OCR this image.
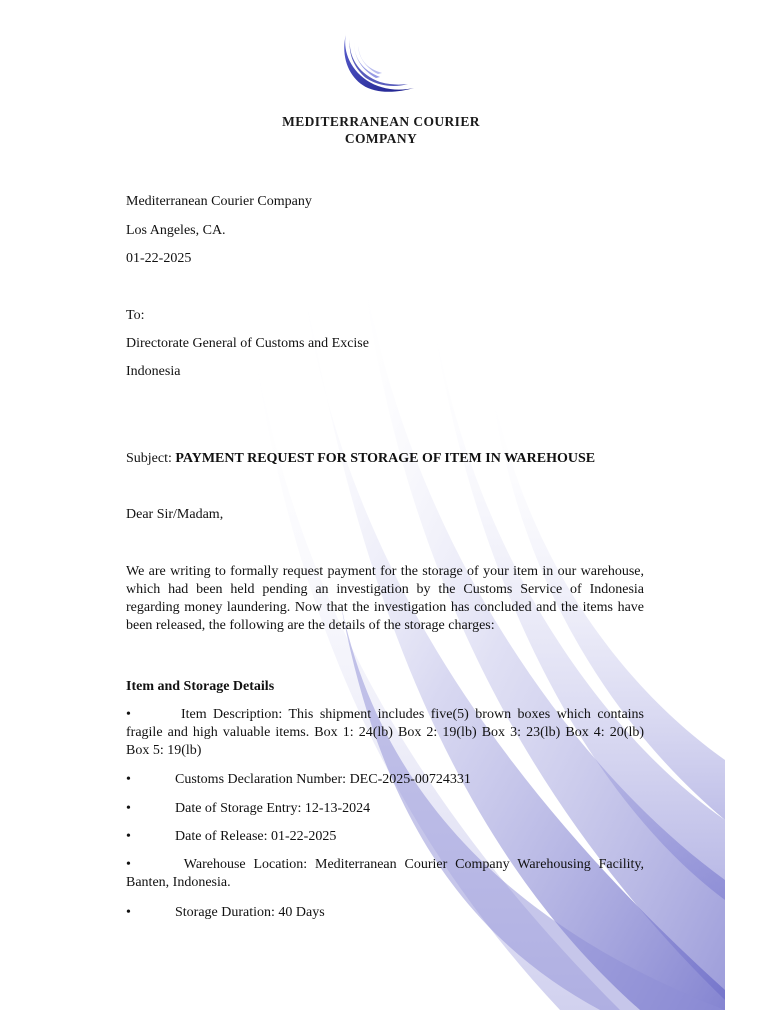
MEDITERRANEAN COURIER
COMPANY
Mediterranean Courier Company
Los Angeles, CA.
01-22-2025
To:
Directorate General of Customs and Excise
Indonesia
Subject: PAYMENT REQUEST FOR STORAGE OF ITEM IN WAREHOUSE
Dear Sir/Madam,
We are writing to formally request payment for the storage of your item in our warehouse, which had been held pending an investigation by the Customs Service of Indonesia regarding money laundering. Now that the investigation has concluded and the items have been released, the following are the details of the storage charges:
Item and Storage Details
•	Item Description: This shipment includes five(5) brown boxes which contains fragile and high valuable items. Box 1: 24(lb) Box 2: 19(lb) Box 3: 23(lb) Box 4: 20(lb) Box 5: 19(lb)
•	Customs Declaration Number: DEC-2025-00724331
•	Date of Storage Entry: 12-13-2024
•	Date of Release: 01-22-2025
•	Warehouse Location: Mediterranean Courier Company Warehousing Facility, Banten, Indonesia.
•	Storage Duration: 40 Days
